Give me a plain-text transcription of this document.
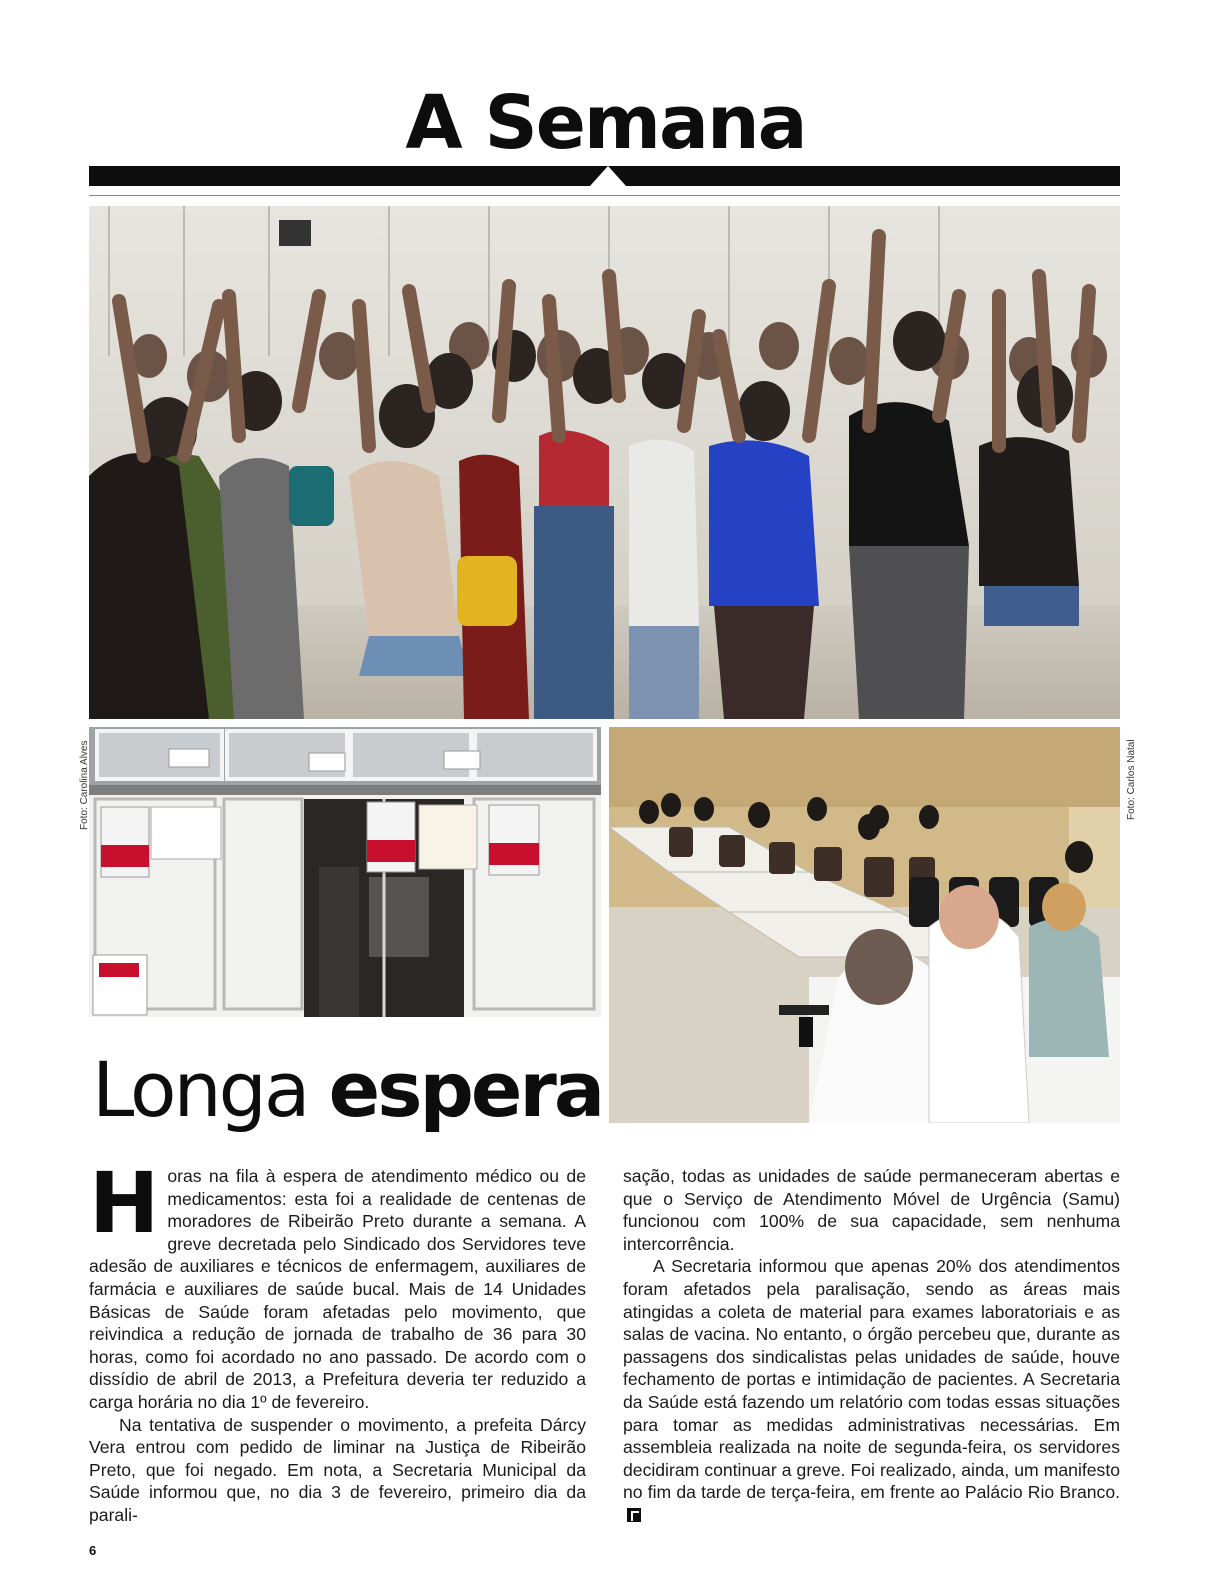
A Semana
Foto: Carolina Alves	Foto: Carlos Natal
Longa espera

H oras na fila à espera de atendimento médico ou de medicamentos: esta foi a realidade de centenas de moradores de Ribeirão Preto durante a semana. A greve decretada pelo Sindicado dos Servidores teve adesão de auxiliares e técnicos de enfermagem, auxiliares de farmácia e auxiliares de saúde bucal. Mais de 14 Unidades Básicas de Saúde foram afetadas pelo movimento, que reivindica a redução de jornada de trabalho de 36 para 30 horas, como foi acordado no ano passado. De acordo com o dissídio de abril de 2013, a Prefeitura deveria ter reduzido a carga horária no dia 1º de fevereiro.

Na tentativa de suspender o movimento, a prefeita Dárcy Vera entrou com pedido de liminar na Justiça de Ribeirão Preto, que foi negado. Em nota, a Secretaria Municipal da Saúde informou que, no dia 3 de fevereiro, primeiro dia da parali-

sação, todas as unidades de saúde permaneceram abertas e que o Serviço de Atendimento Móvel de Urgência (Samu) funcionou com 100% de sua capacidade, sem nenhuma intercorrência.

A Secretaria informou que apenas 20% dos atendimentos foram afetados pela paralisação, sendo as áreas mais atingidas a coleta de material para exames laboratoriais e as salas de vacina. No entanto, o órgão percebeu que, durante as passagens dos sindicalistas pelas unidades de saúde, houve fechamento de portas e intimidação de pacientes. A Secretaria da Saúde está fazendo um relatório com todas essas situações para tomar as medidas administrativas necessárias. Em assembleia realizada na noite de segunda-feira, os servidores decidiram continuar a greve. Foi realizado, ainda, um manifesto no fim da tarde de terça-feira, em frente ao Palácio Rio Branco.

6
